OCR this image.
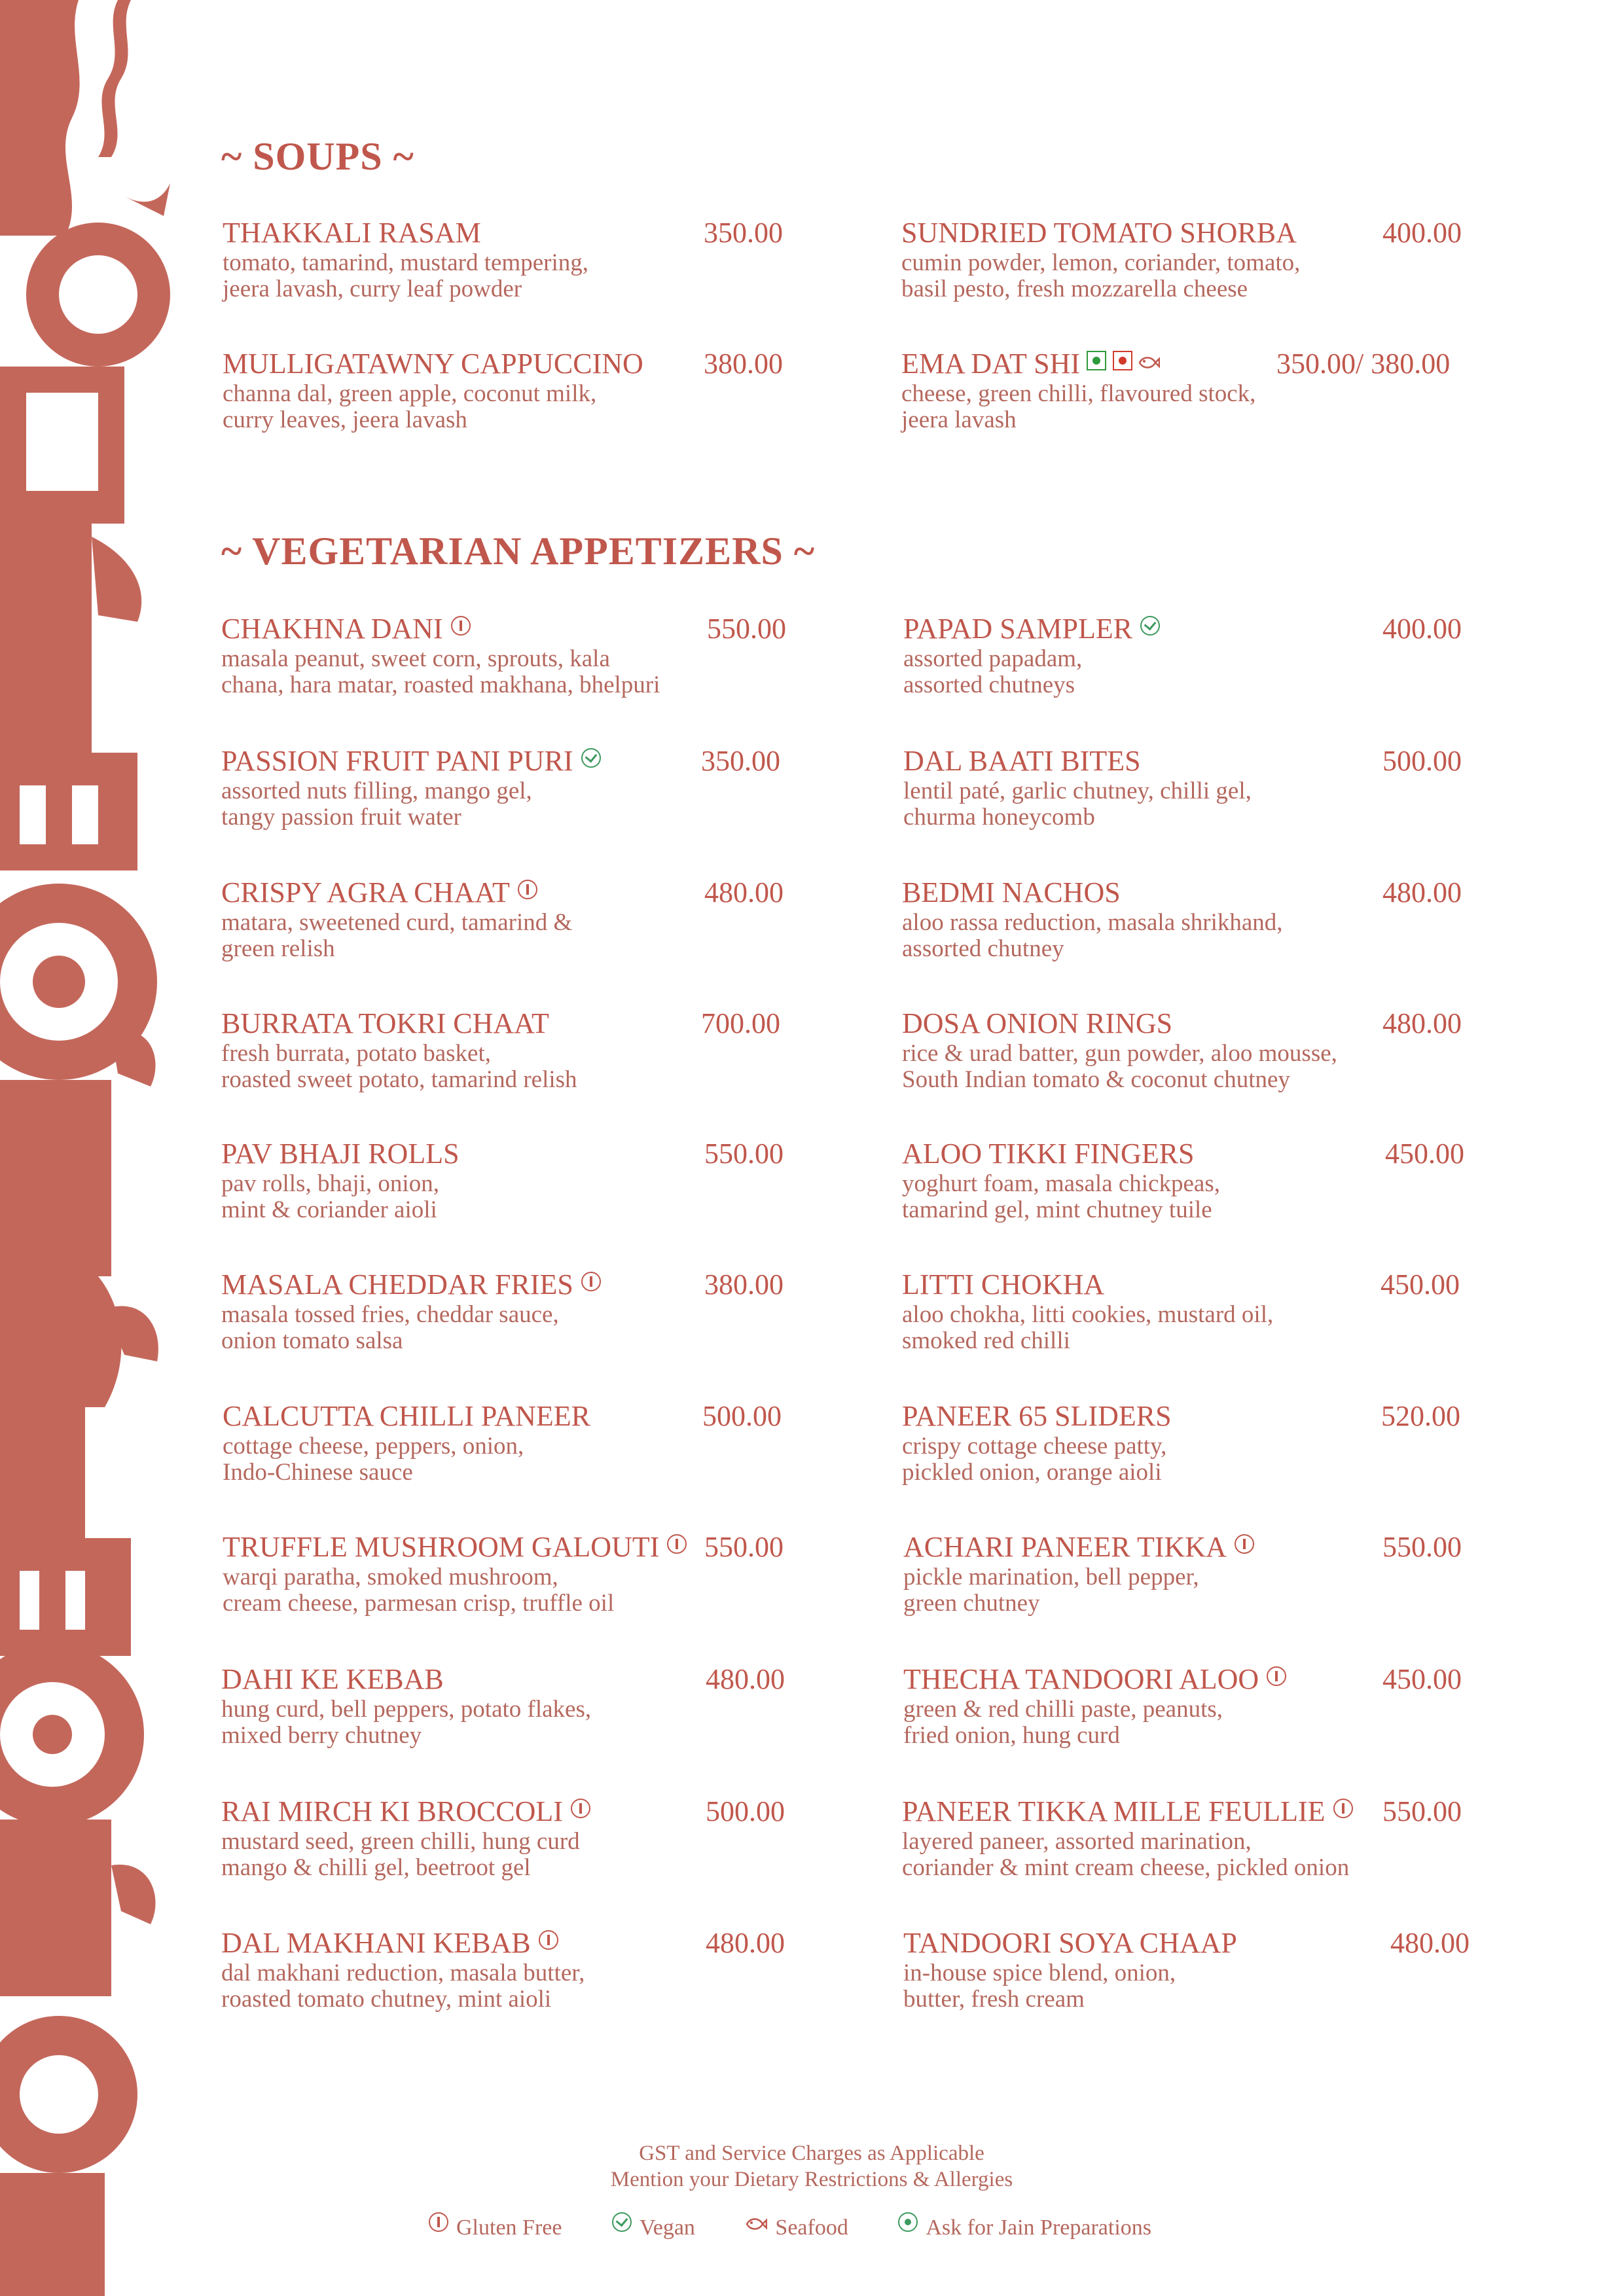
~ SOUPS ~
THAKKALI RASAM	350.00
tomato, tamarind, mustard tempering,
jeera lavash, curry leaf powder
SUNDRIED TOMATO SHORBA	400.00
cumin powder, lemon, coriander, tomato,
basil pesto, fresh mozzarella cheese
MULLIGATAWNY CAPPUCCINO 380.00
channa dal, green apple, coconut milk,
curry leaves, jeera lavash
EMA DAT SHI	350.00/ 380.00
cheese, green chilli, flavoured stock,
jeera lavash
~ VEGETARIAN APPETIZERS ~
CHAKHNA DANI	550.00
masala peanut, sweet corn, sprouts, kala
chana, hara matar, roasted makhana, bhelpuri
PAPAD SAMPLER	400.00
assorted papadam,
assorted chutneys
PASSION FRUIT PANI PURI	350.00
assorted nuts filling, mango gel,
tangy passion fruit water
DAL BAATI BITES	500.00
lentil paté, garlic chutney, chilli gel,
churma honeycomb
CRISPY AGRA CHAAT	480.00
matara, sweetened curd, tamarind &
green relish
BEDMI NACHOS	480.00
aloo rassa reduction, masala shrikhand,
assorted chutney
BURRATA TOKRI CHAAT	700.00
fresh burrata, potato basket,
roasted sweet potato, tamarind relish
DOSA ONION RINGS	480.00
rice & urad batter, gun powder, aloo mousse,
South Indian tomato & coconut chutney
PAV BHAJI ROLLS	550.00
pav rolls, bhaji, onion,
mint & coriander aioli
ALOO TIKKI FINGERS	450.00
yoghurt foam, masala chickpeas,
tamarind gel, mint chutney tuile
MASALA CHEDDAR FRIES	380.00
masala tossed fries, cheddar sauce,
onion tomato salsa
LITTI CHOKHA	450.00
aloo chokha, litti cookies, mustard oil,
smoked red chilli
CALCUTTA CHILLI PANEER	500.00
cottage cheese, peppers, onion,
Indo-Chinese sauce
PANEER 65 SLIDERS	520.00
crispy cottage cheese patty,
pickled onion, orange aioli
TRUFFLE MUSHROOM GALOUTI	550.00
warqi paratha, smoked mushroom,
cream cheese, parmesan crisp, truffle oil
ACHARI PANEER TIKKA	550.00
pickle marination, bell pepper,
green chutney
DAHI KE KEBAB	480.00
hung curd, bell peppers, potato flakes,
mixed berry chutney
THECHA TANDOORI ALOO	450.00
green & red chilli paste, peanuts,
fried onion, hung curd
RAI MIRCH KI BROCCOLI	500.00
mustard seed, green chilli, hung curd
mango & chilli gel, beetroot gel
PANEER TIKKA MILLE FEULLIE	550.00
layered paneer, assorted marination,
coriander & mint cream cheese, pickled onion
DAL MAKHANI KEBAB	480.00
dal makhani reduction, masala butter,
roasted tomato chutney, mint aioli
TANDOORI SOYA CHAAP	480.00
in-house spice blend, onion,
butter, fresh cream
GST and Service Charges as Applicable
Mention your Dietary Restrictions & Allergies
Gluten Free	Vegan	Seafood	Ask for Jain Preparations
